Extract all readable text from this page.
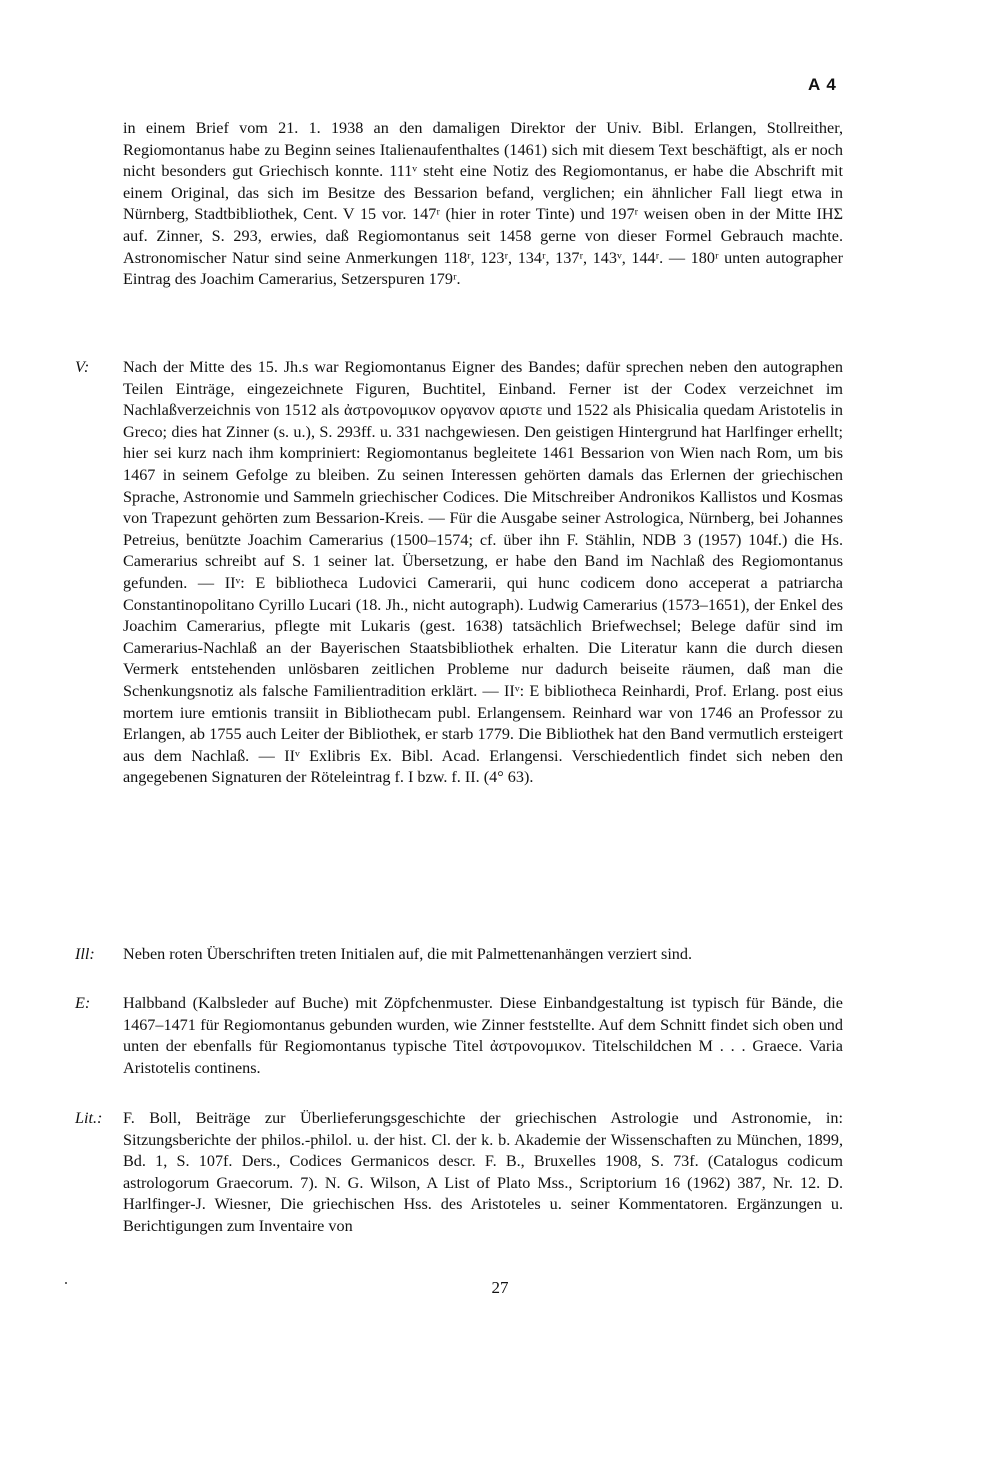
A 4
in einem Brief vom 21. 1. 1938 an den damaligen Direktor der Univ. Bibl. Erlangen, Stollreither, Regiomontanus habe zu Beginn seines Italienaufenthaltes (1461) sich mit diesem Text beschäftigt, als er noch nicht besonders gut Griechisch konnte. 111ᵛ steht eine Notiz des Regiomontanus, er habe die Abschrift mit einem Original, das sich im Besitze des Bessarion befand, verglichen; ein ähnlicher Fall liegt etwa in Nürnberg, Stadtbibliothek, Cent. V 15 vor. 147ʳ (hier in roter Tinte) und 197ʳ weisen oben in der Mitte ΙΗΣ auf. Zinner, S. 293, erwies, daß Regiomontanus seit 1458 gerne von dieser Formel Gebrauch machte. Astronomischer Natur sind seine Anmerkungen 118ʳ, 123ʳ, 134ʳ, 137ʳ, 143ᵛ, 144ʳ. — 180ʳ unten autographer Eintrag des Joachim Camerarius, Setzerspuren 179ʳ.
V: Nach der Mitte des 15. Jh.s war Regiomontanus Eigner des Bandes; dafür sprechen neben den autographen Teilen Einträge, eingezeichnete Figuren, Buchtitel, Einband. Ferner ist der Codex verzeichnet im Nachlaßverzeichnis von 1512 als ἀστρονομικον οργανον αριστε und 1522 als Phisicalia quedam Aristotelis in Greco; dies hat Zinner (s. u.), S. 293ff. u. 331 nachgewiesen. Den geistigen Hintergrund hat Harlfinger erhellt; hier sei kurz nach ihm kompriniert: Regiomontanus begleitete 1461 Bessarion von Wien nach Rom, um bis 1467 in seinem Gefolge zu bleiben. Zu seinen Interessen gehörten damals das Erlernen der griechischen Sprache, Astronomie und Sammeln griechischer Codices. Die Mitschreiber Andronikos Kallistos und Kosmas von Trapezunt gehörten zum Bessarion-Kreis. — Für die Ausgabe seiner Astrologica, Nürnberg, bei Johannes Petreius, benützte Joachim Camerarius (1500–1574; cf. über ihn F. Stählin, NDB 3 (1957) 104f.) die Hs. Camerarius schreibt auf S. 1 seiner lat. Übersetzung, er habe den Band im Nachlaß des Regiomontanus gefunden. — IIᵛ: E bibliotheca Ludovici Camerarii, qui hunc codicem dono acceperat a patriarcha Constantinopolitano Cyrillo Lucari (18. Jh., nicht autograph). Ludwig Camerarius (1573–1651), der Enkel des Joachim Camerarius, pflegte mit Lukaris (gest. 1638) tatsächlich Briefwechsel; Belege dafür sind im Camerarius-Nachlaß an der Bayerischen Staatsbibliothek erhalten. Die Literatur kann die durch diesen Vermerk entstehenden unlösbaren zeitlichen Probleme nur dadurch beiseite räumen, daß man die Schenkungsnotiz als falsche Familientradition erklärt. — IIᵛ: E bibliotheca Reinhardi, Prof. Erlang. post eius mortem iure emtionis transiit in Bibliothecam publ. Erlangensem. Reinhard war von 1746 an Professor zu Erlangen, ab 1755 auch Leiter der Bibliothek, er starb 1779. Die Bibliothek hat den Band vermutlich ersteigert aus dem Nachlaß. — IIᵛ Exlibris Ex. Bibl. Acad. Erlangensi. Verschiedentlich findet sich neben den angegebenen Signaturen der Röteleintrag f. I bzw. f. II. (4° 63).
Ill: Neben roten Überschriften treten Initialen auf, die mit Palmettenanhängen verziert sind.
E: Halbband (Kalbsleder auf Buche) mit Zöpfchenmuster. Diese Einbandgestaltung ist typisch für Bände, die 1467–1471 für Regiomontanus gebunden wurden, wie Zinner feststellte. Auf dem Schnitt findet sich oben und unten der ebenfalls für Regiomontanus typische Titel ἀστρονομικον. Titelschildchen M . . . Graece. Varia Aristotelis continens.
Lit.: F. Boll, Beiträge zur Überlieferungsgeschichte der griechischen Astrologie und Astronomie, in: Sitzungsberichte der philos.-philol. u. der hist. Cl. der k. b. Akademie der Wissenschaften zu München, 1899, Bd. 1, S. 107f. Ders., Codices Germanicos descr. F. B., Bruxelles 1908, S. 73f. (Catalogus codicum astrologorum Graecorum. 7). N. G. Wilson, A List of Plato Mss., Scriptorium 16 (1962) 387, Nr. 12. D. Harlfinger-J. Wiesner, Die griechischen Hss. des Aristoteles u. seiner Kommentatoren. Ergänzungen u. Berichtigungen zum Inventaire von
27
